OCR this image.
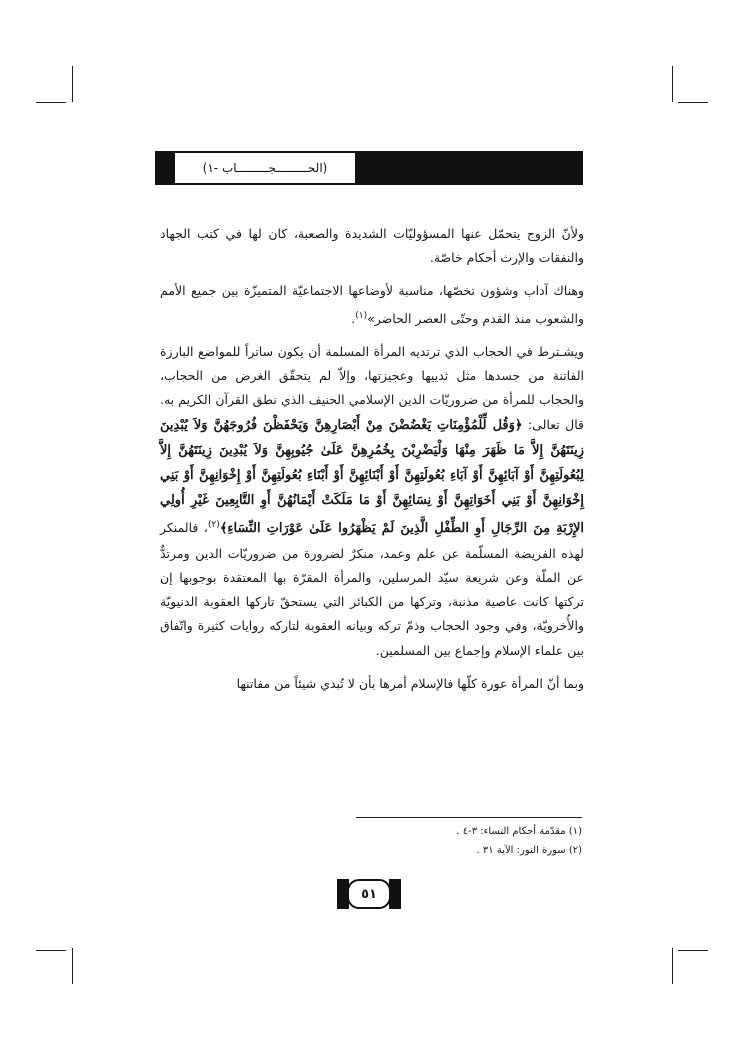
(الحـــــــــجـــــــــاب -١)

ولأنّ الزوج يتحمّل عنها المسؤوليّات الشديدة والصعبة، كان لها في كتب الجهاد والنفقات والإرث أحكام خاصّة.

وهناك آداب وشؤون تخصّها، مناسبة لأوضاعها الاجتماعيّة المتميزّة بين جميع الأمم والشعوب منذ القدم وحتّى العصر الحاضر»$^{(١)}$.

ويشـترط في الحجاب الذي ترتديه المرأة المسلمة أن يكون ساتراً للمواضع البارزة الفاتنة من جسدها مثل ثدييها وعجيزتها، وإلاّ لم يتحقّق الغرض من الحجاب، والحجاب للمرأة من ضروريّات الدين الإسلامي الحنيف الذي نطق القرآن الكريم به. قال تعالى: ﴿وَقُل لِّلْمُؤْمِنَاتِ يَغْضُضْنَ مِنْ أَبْصَارِهِنَّ وَيَحْفَظْنَ فُرُوجَهُنَّ وَلاَ يُبْدِينَ زِينَتَهُنَّ إِلاَّ مَا ظَهَرَ مِنْهَا وَلْيَضْرِبْنَ بِخُمُرِهِنَّ عَلَىٰ جُيُوبِهِنَّ وَلاَ يُبْدِينَ زِينَتَهُنَّ إِلاَّ لِبُعُولَتِهِنَّ أَوْ آبَائِهِنَّ أَوْ آبَاءِ بُعُولَتِهِنَّ أَوْ أَبْنَائِهِنَّ أَوْ أَبْنَاءِ بُعُولَتِهِنَّ أَوْ إِخْوَانِهِنَّ أَوْ بَنِي إِخْوَانِهِنَّ أَوْ بَنِي أَخَوَاتِهِنَّ أَوْ نِسَائِهِنَّ أَوْ مَا مَلَكَتْ أَيْمَانُهُنَّ أَوِ التَّابِعِينَ غَيْرِ أُولِي الإِرْبَةِ مِنَ الرِّجَالِ أَوِ الطِّفْلِ الَّذِينَ لَمْ يَظْهَرُوا عَلَىٰ عَوْرَاتِ النِّسَاءِ﴾$^{(٢)}$، فالمنكر لهذه الفريضة المسلّمة عن علم وعمد، منكرٌ لضرورة من ضروريّات الدين ومرتدٌّ عن الملّة وعن شريعة سيّد المرسلين، والمرأة المقرّة بها المعتقدة بوجوبها إن تركتها كانت عاصية مذنبة، وتركها من الكبائر التي يستحقّ تاركها العقوبة الدنيويّة والأُخرويّة، وفي وجود الحجاب وذمّ تركه وبيانه العقوبة لتاركه روايات كثيرة واتّفاق بين علماء الإسلام وإجماع بين المسلمين.

وبما أنّ المرأة عورة كلّها فالإسلام أمرها بأن لا تُبدي شيئاً من مفاتنها

(١) مقدّمة أحكام النساء: ٣-٤ .
(٢) سورة النور: الآية ٣١ .
٥١
